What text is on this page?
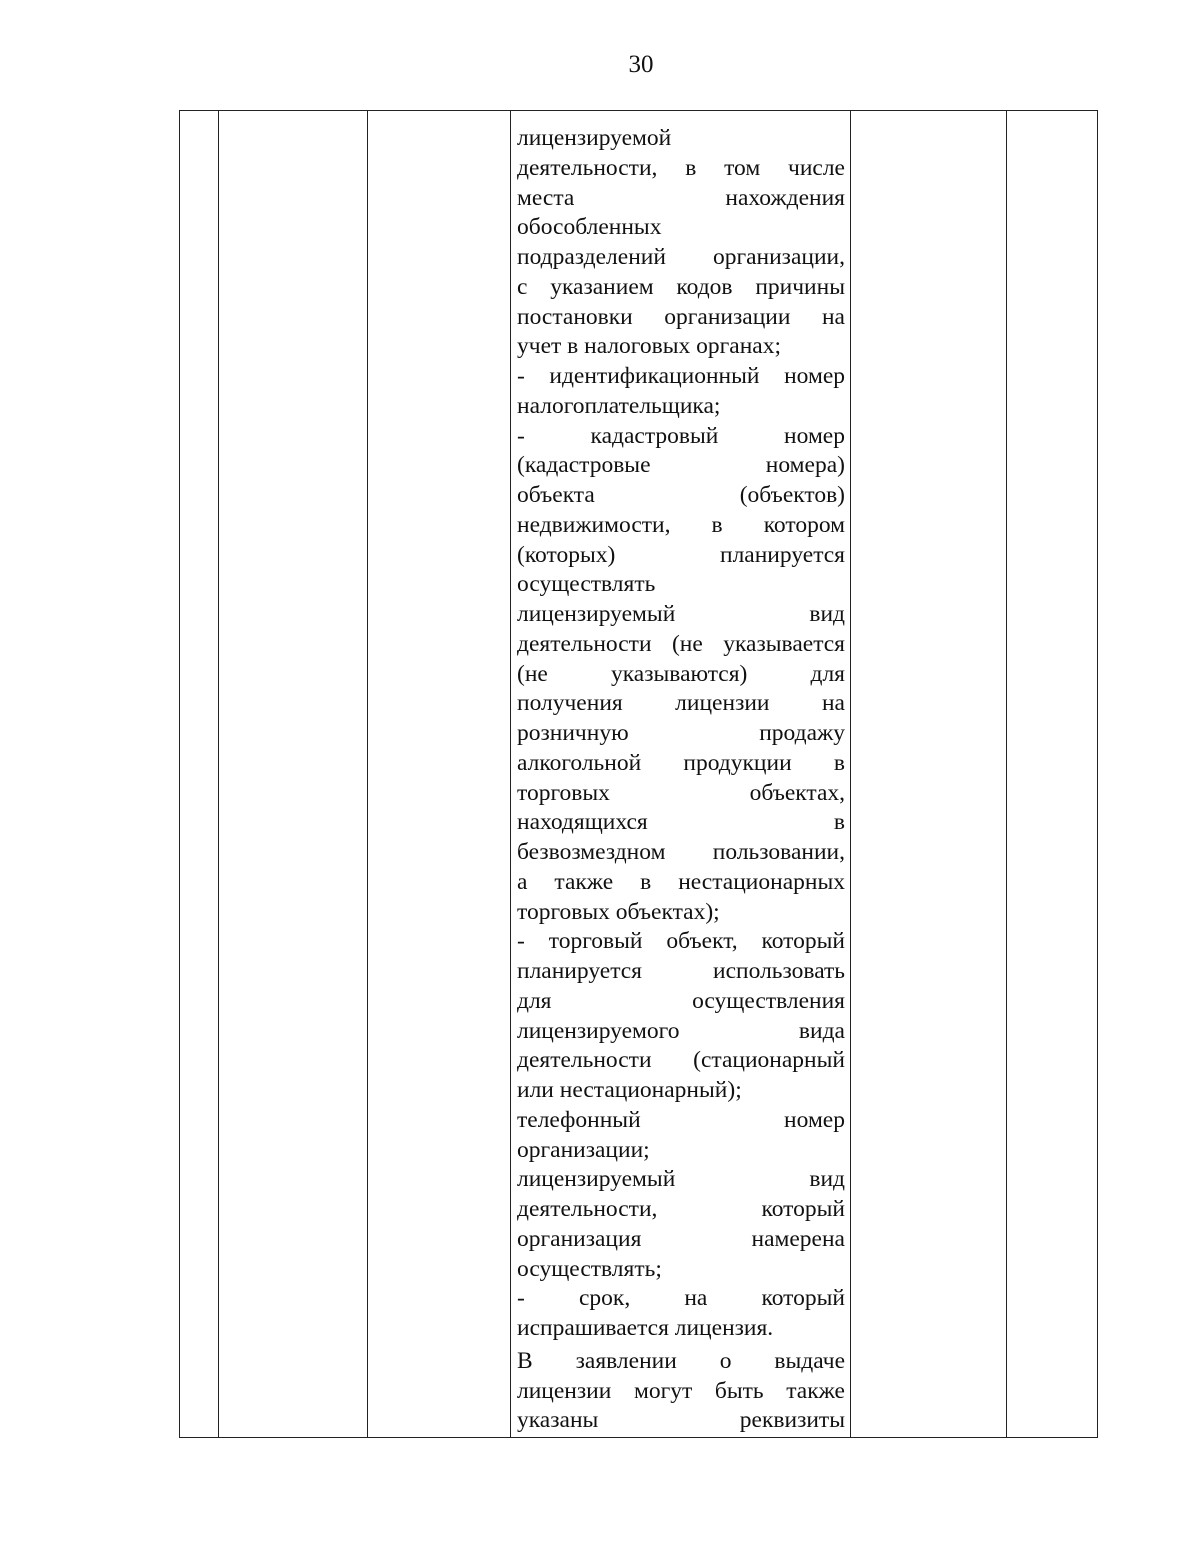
30
лицензируемой
деятельности, в том числе
места нахождения
обособленных
подразделений организации,
с указанием кодов причины
постановки организации на
учет в налоговых органах;
- идентификационный номер
налогоплательщика;
- кадастровый номер
(кадастровые номера)
объекта (объектов)
недвижимости, в котором
(которых) планируется
осуществлять
лицензируемый вид
деятельности (не указывается
(не указываются) для
получения лицензии на
розничную продажу
алкогольной продукции в
торговых объектах,
находящихся в
безвозмездном пользовании,
а также в нестационарных
торговых объектах);
- торговый объект, который
планируется использовать
для осуществления
лицензируемого вида
деятельности (стационарный
или нестационарный);
телефонный номер
организации;
лицензируемый вид
деятельности, который
организация намерена
осуществлять;
- срок, на который
испрашивается лицензия.
В заявлении о выдаче
лицензии могут быть также
указаны реквизиты
